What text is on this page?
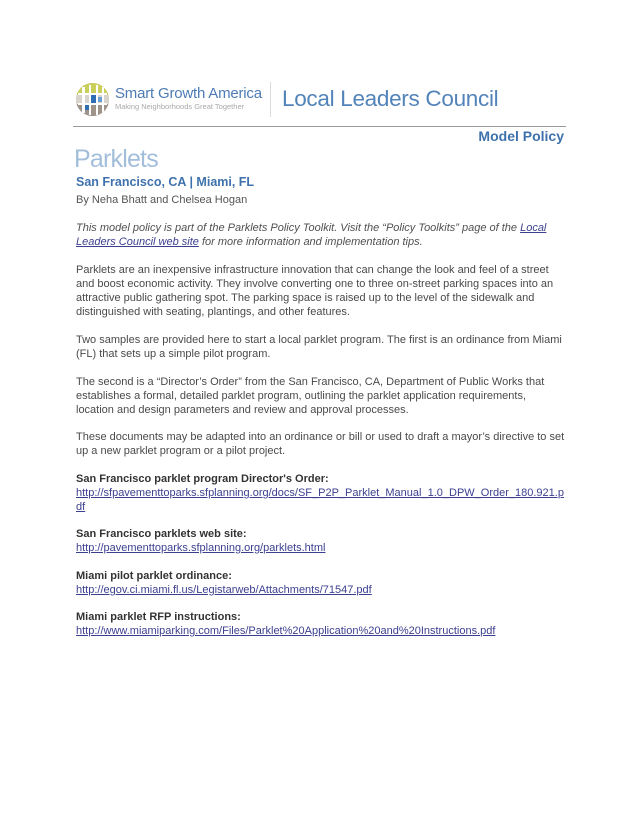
Smart Growth America
Making Neighborhoods Great Together	Local Leaders Council
Model Policy
Parklets
San Francisco, CA | Miami, FL
By Neha Bhatt and Chelsea Hogan

This model policy is part of the Parklets Policy Toolkit. Visit the “Policy Toolkits” page of the Local Leaders Council web site for more information and implementation tips.

Parklets are an inexpensive infrastructure innovation that can change the look and feel of a street and boost economic activity. They involve converting one to three on-street parking spaces into an attractive public gathering spot. The parking space is raised up to the level of the sidewalk and distinguished with seating, plantings, and other features.

Two samples are provided here to start a local parklet program. The first is an ordinance from Miami (FL) that sets up a simple pilot program.

The second is a “Director’s Order” from the San Francisco, CA, Department of Public Works that establishes a formal, detailed parklet program, outlining the parklet application requirements, location and design parameters and review and approval processes.

These documents may be adapted into an ordinance or bill or used to draft a mayor’s directive to set up a new parklet program or a pilot project.

San Francisco parklet program Director's Order:
http://sfpavementtoparks.sfplanning.org/docs/SF_P2P_Parklet_Manual_1.0_DPW_Order_180.921.pdf
San Francisco parklets web site:
http://pavementtoparks.sfplanning.org/parklets.html
Miami pilot parklet ordinance:
http://egov.ci.miami.fl.us/Legistarweb/Attachments/71547.pdf
Miami parklet RFP instructions:
http://www.miamiparking.com/Files/Parklet%20Application%20and%20Instructions.pdf
